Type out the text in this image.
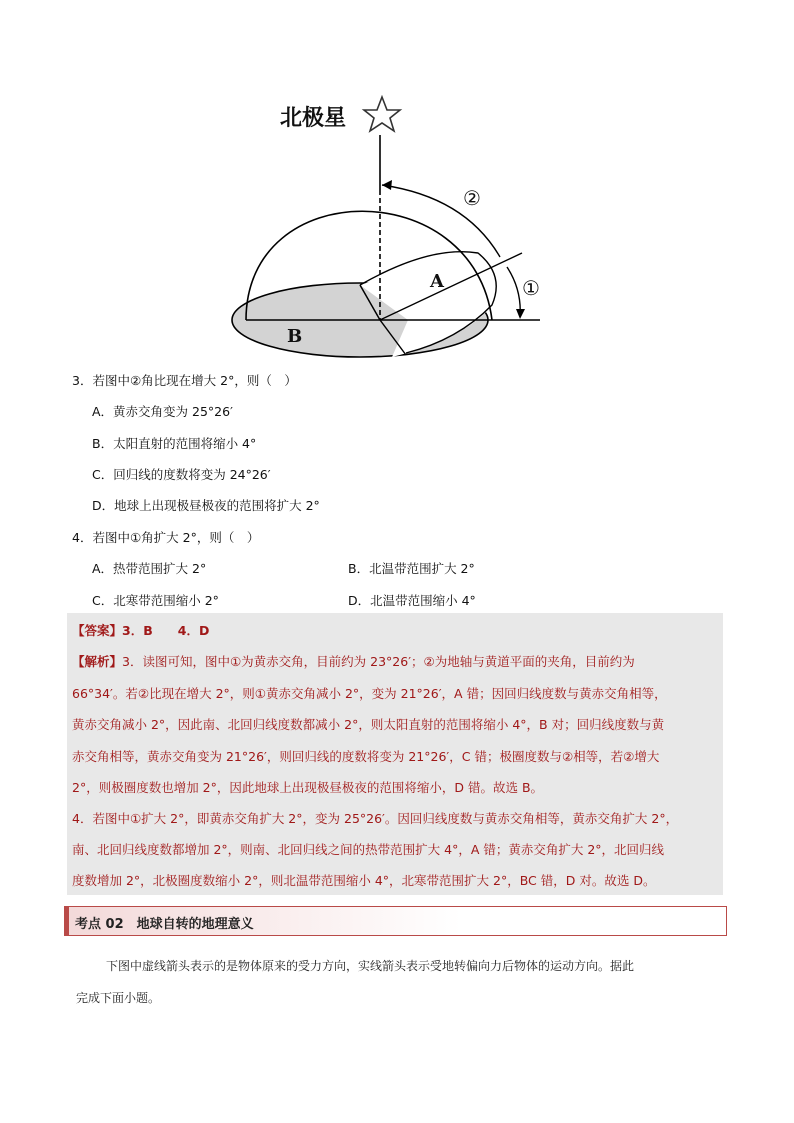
北极星
A
B
②
①
3．若图中②角比现在增大 2°，则（　）
A．黄赤交角变为 25°26′
B．太阳直射的范围将缩小 4°
C．回归线的度数将变为 24°26′
D．地球上出现极昼极夜的范围将扩大 2°
4．若图中①角扩大 2°，则（　）
A．热带范围扩大 2°	B．北温带范围扩大 2°
C．北寒带范围缩小 2°	D．北温带范围缩小 4°
【答案】3．B　　4．D
【解析】3．读图可知，图中①为黄赤交角，目前约为 23°26′；②为地轴与黄道平面的夹角，目前约为
66°34′。若②比现在增大 2°，则①黄赤交角减小 2°，变为 21°26′，A 错；因回归线度数与黄赤交角相等，
黄赤交角减小 2°，因此南、北回归线度数都减小 2°，则太阳直射的范围将缩小 4°，B 对；回归线度数与黄
赤交角相等，黄赤交角变为 21°26′，则回归线的度数将变为 21°26′，C 错；极圈度数与②相等，若②增大
2°，则极圈度数也增加 2°，因此地球上出现极昼极夜的范围将缩小，D 错。故选 B。
4．若图中①扩大 2°，即黄赤交角扩大 2°，变为 25°26′。因回归线度数与黄赤交角相等，黄赤交角扩大 2°，
南、北回归线度数都增加 2°，则南、北回归线之间的热带范围扩大 4°，A 错；黄赤交角扩大 2°，北回归线
度数增加 2°，北极圈度数缩小 2°，则北温带范围缩小 4°，北寒带范围扩大 2°，BC 错，D 对。故选 D。
考点 02　地球自转的地理意义
下图中虚线箭头表示的是物体原来的受力方向，实线箭头表示受地转偏向力后物体的运动方向。据此
完成下面小题。
